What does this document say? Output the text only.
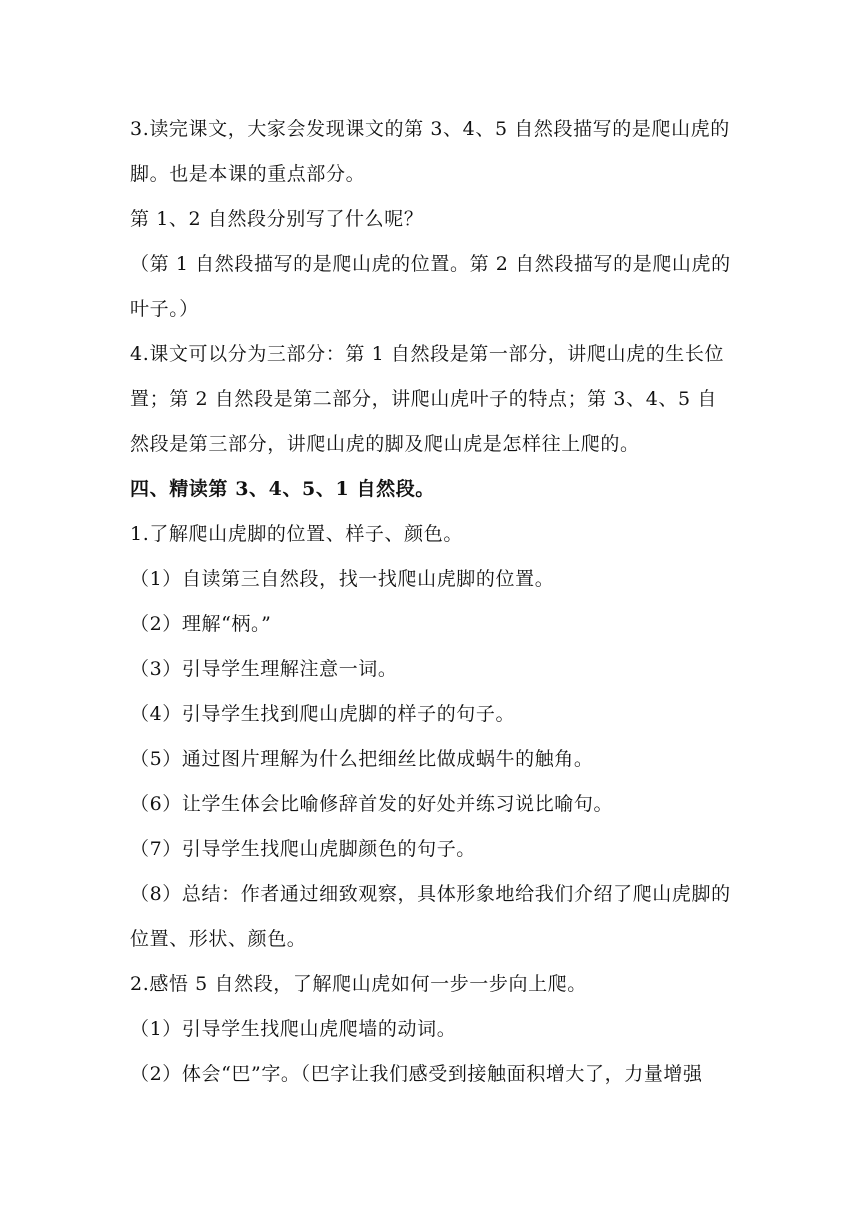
3.读完课文，大家会发现课文的第 3、4、5 自然段描写的是爬山虎的脚。也是本课的重点部分。

第 1、2 自然段分别写了什么呢？

（第 1 自然段描写的是爬山虎的位置。第 2 自然段描写的是爬山虎的叶子。）

4.课文可以分为三部分：第 1 自然段是第一部分，讲爬山虎的生长位置；第 2 自然段是第二部分，讲爬山虎叶子的特点；第 3、4、5 自然段是第三部分，讲爬山虎的脚及爬山虎是怎样往上爬的。

四、精读第 3、4、5、1 自然段。

1.了解爬山虎脚的位置、样子、颜色。

（1）自读第三自然段，找一找爬山虎脚的位置。

（2）理解“柄。”

（3）引导学生理解注意一词。

（4）引导学生找到爬山虎脚的样子的句子。

（5）通过图片理解为什么把细丝比做成蜗牛的触角。

（6）让学生体会比喻修辞首发的好处并练习说比喻句。

（7）引导学生找爬山虎脚颜色的句子。

（8）总结：作者通过细致观察，具体形象地给我们介绍了爬山虎脚的位置、形状、颜色。

2.感悟 5 自然段，了解爬山虎如何一步一步向上爬。

（1）引导学生找爬山虎爬墙的动词。

（2）体会“巴”字。（巴字让我们感受到接触面积增大了，力量增强
